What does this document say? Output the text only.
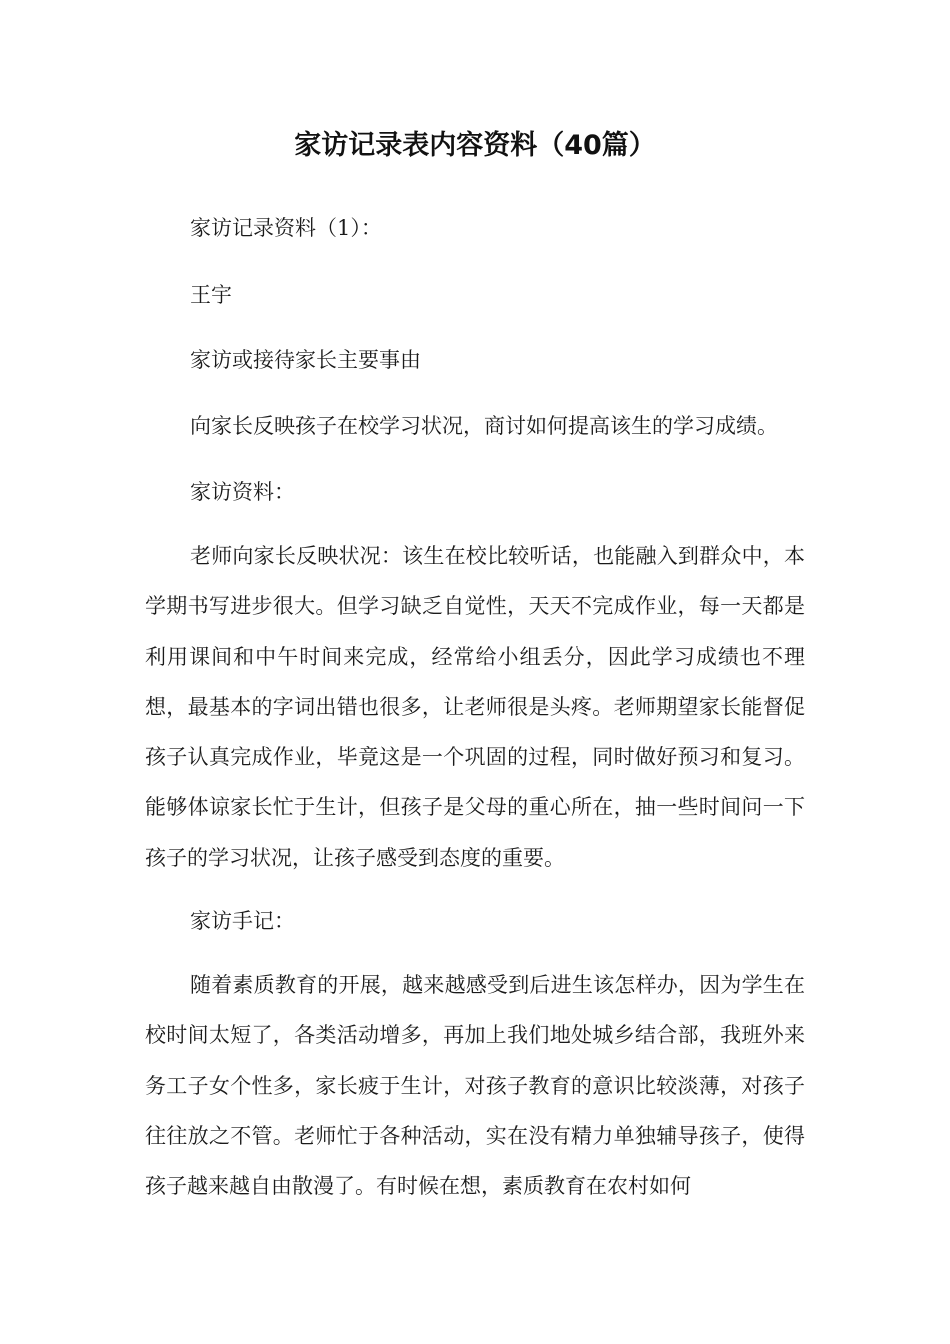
家访记录表内容资料（40篇）
家访记录资料（1）：
王宇
家访或接待家长主要事由
向家长反映孩子在校学习状况，商讨如何提高该生的学习成绩。
家访资料：

老师向家长反映状况：该生在校比较听话，也能融入到群众中，本学期书写进步很大。但学习缺乏自觉性，天天不完成作业，每一天都是利用课间和中午时间来完成，经常给小组丢分，因此学习成绩也不理想，最基本的字词出错也很多，让老师很是头疼。老师期望家长能督促孩子认真完成作业，毕竟这是一个巩固的过程，同时做好预习和复习。能够体谅家长忙于生计，但孩子是父母的重心所在，抽一些时间问一下孩子的学习状况，让孩子感受到态度的重要。

家访手记：

随着素质教育的开展，越来越感受到后进生该怎样办，因为学生在校时间太短了，各类活动增多，再加上我们地处城乡结合部，我班外来务工子女个性多，家长疲于生计，对孩子教育的意识比较淡薄，对孩子往往放之不管。老师忙于各种活动，实在没有精力单独辅导孩子，使得孩子越来越自由散漫了。有时候在想，素质教育在农村如何
